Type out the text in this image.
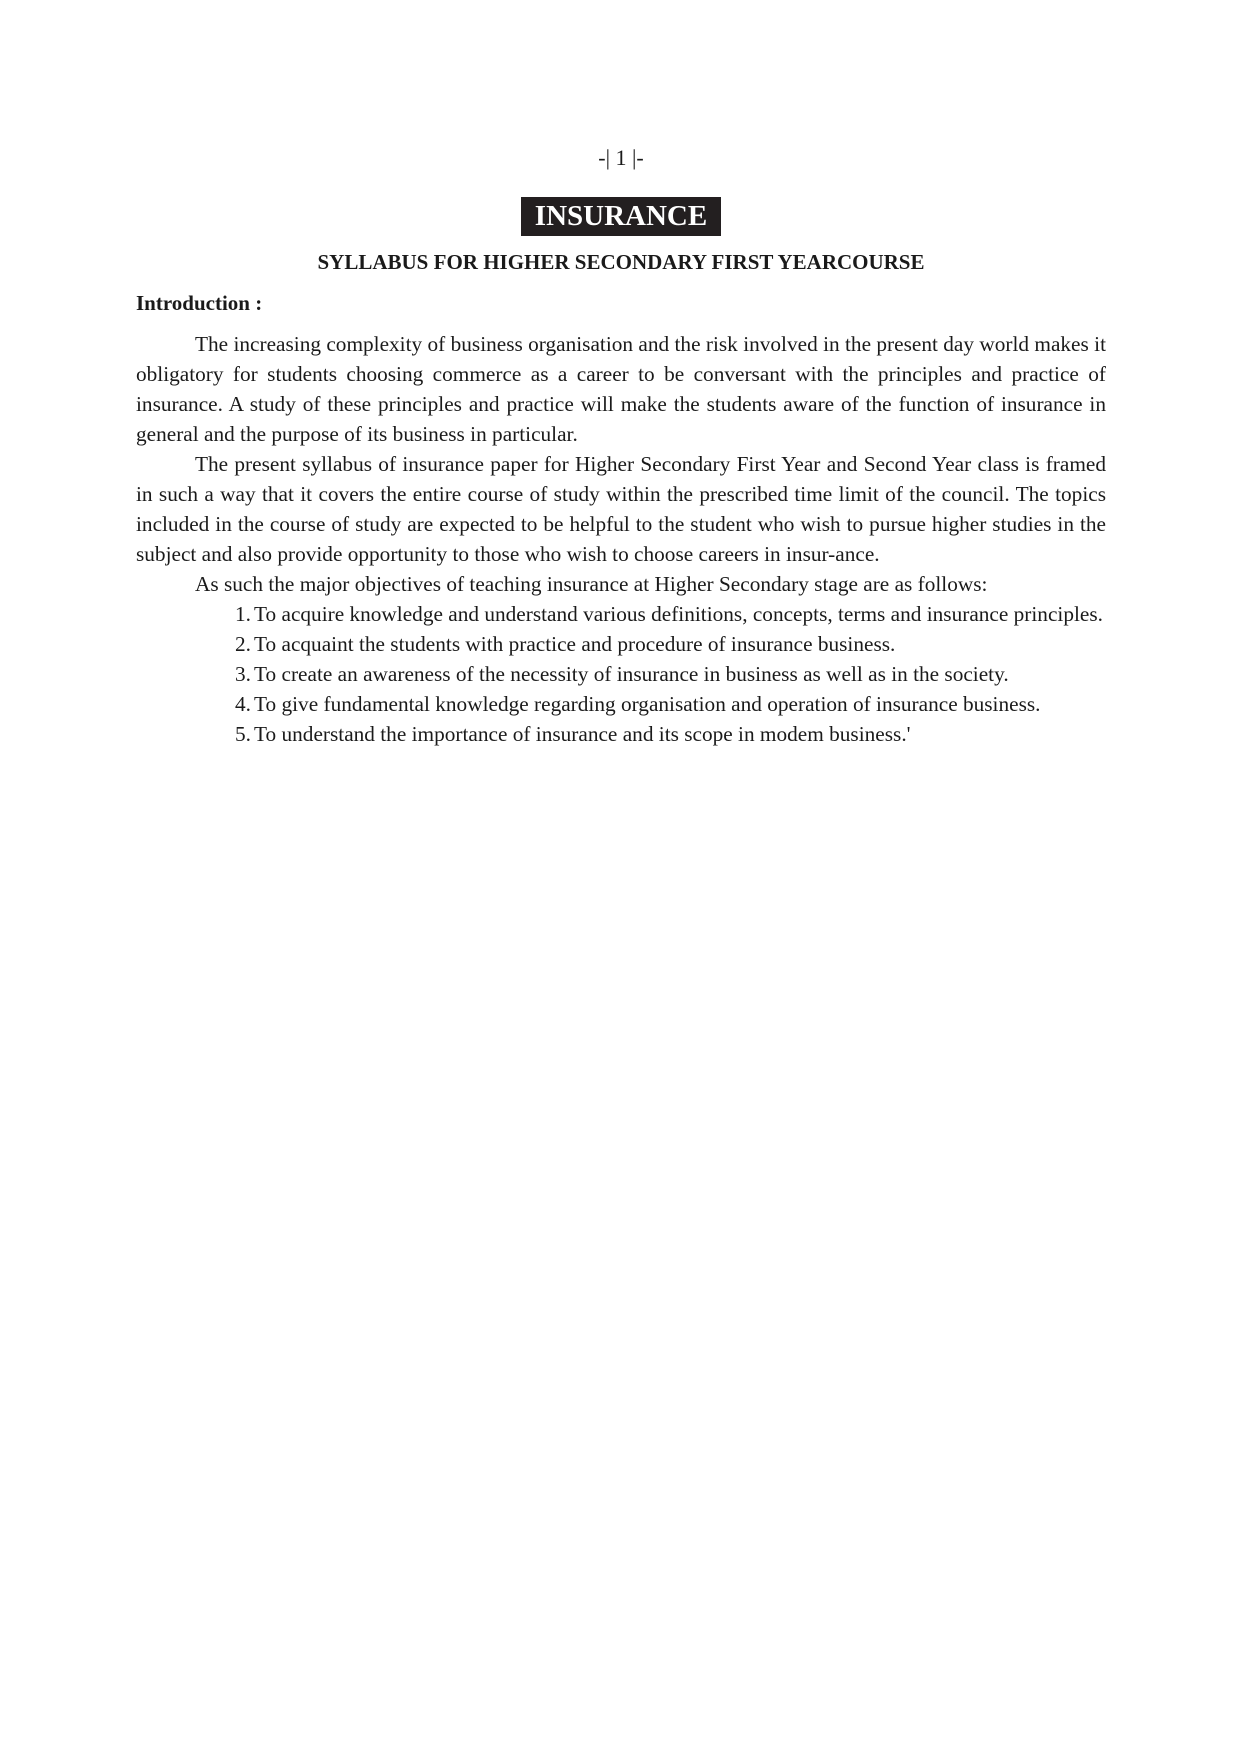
-| 1 |-
INSURANCE
SYLLABUS FOR HIGHER SECONDARY FIRST YEARCOURSE
Introduction :

The increasing complexity of business organisation and the risk involved in the present day world makes it obligatory for students choosing commerce as a career to be conversant with the principles and practice of insurance. A study of these principles and practice will make the students aware of the function of insurance in general and the purpose of its business in particular.

The present syllabus of insurance paper for Higher Secondary First Year and Second Year class is framed in such a way that it covers the entire course of study within the prescribed time limit of the council. The topics included in the course of study are expected to be helpful to the student who wish to pursue higher studies in the subject and also provide opportunity to those who wish to choose careers in insur-ance.

As such the major objectives of teaching insurance at Higher Secondary stage are as follows:

1. To acquire knowledge and understand various definitions, concepts, terms and insurance principles.
2. To acquaint the students with practice and procedure of insurance business.
3. To create an awareness of the necessity of insurance in business as well as in the society.
4. To give fundamental knowledge regarding organisation and operation of insurance business.
5. To understand the importance of insurance and its scope in modem business.'
